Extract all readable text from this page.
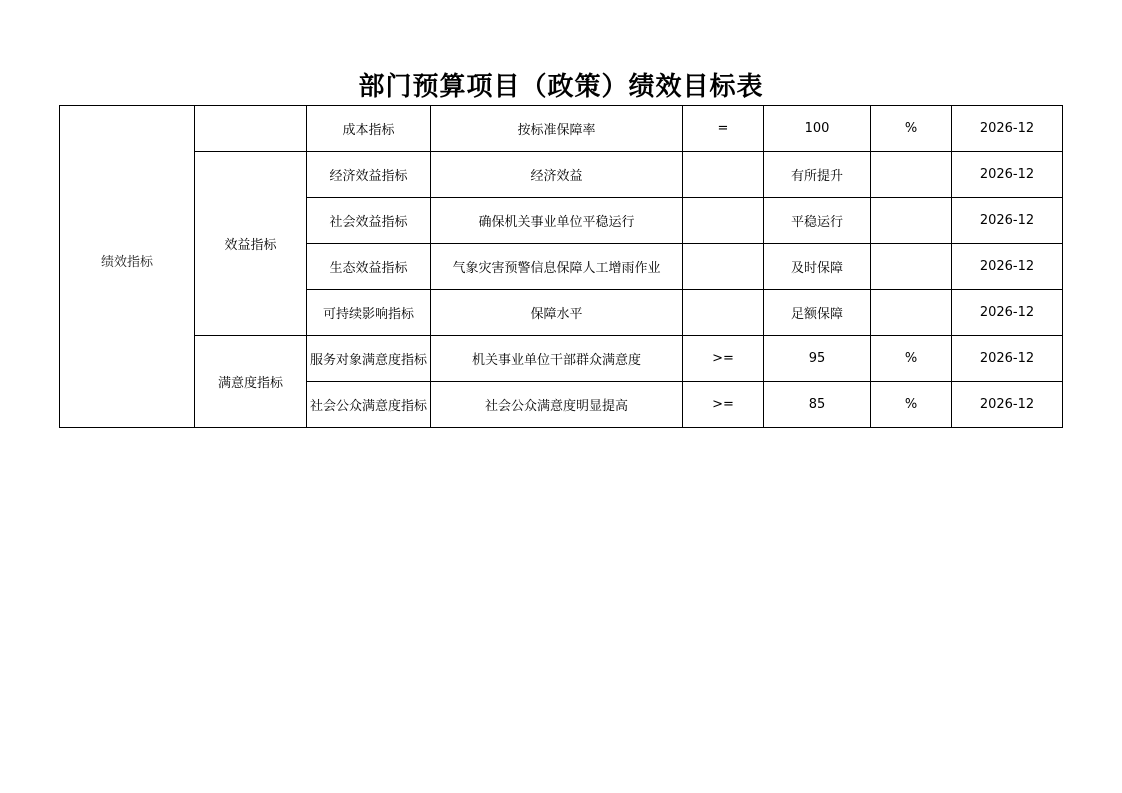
部门预算项目（政策）绩效目标表
绩效指标		成本指标	按标准保障率	=	100	%	2026-12
	效益指标	经济效益指标	经济效益		有所提升		2026-12
		社会效益指标	确保机关事业单位平稳运行		平稳运行		2026-12
		生态效益指标	气象灾害预警信息保障人工增雨作业		及时保障		2026-12
		可持续影响指标	保障水平		足额保障		2026-12
	满意度指标	服务对象满意度指标	机关事业单位干部群众满意度	>=	95	%	2026-12
		社会公众满意度指标	社会公众满意度明显提高	>=	85	%	2026-12
